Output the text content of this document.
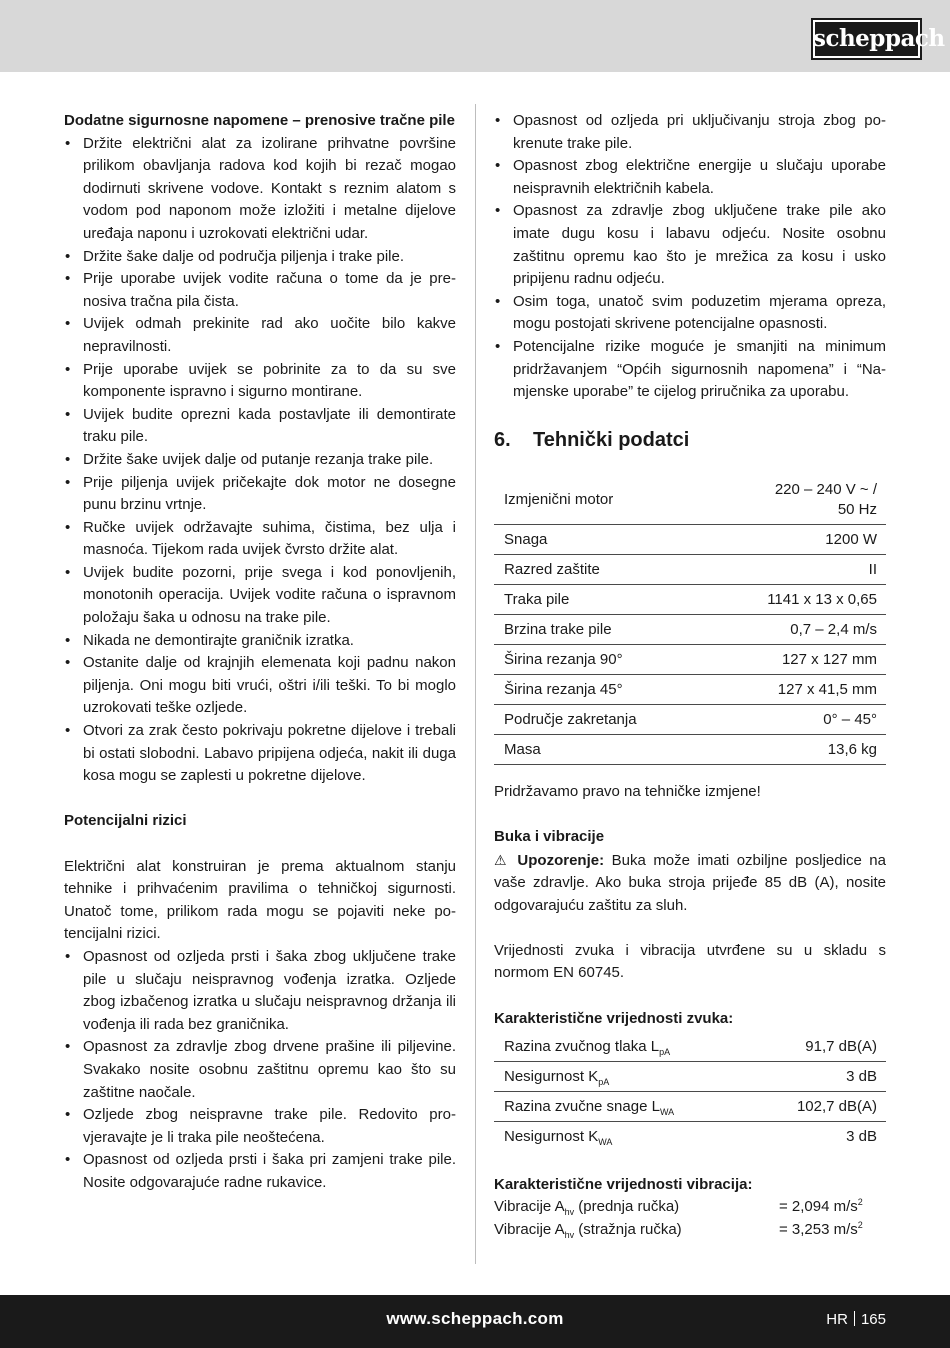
scheppach

Dodatne sigurnosne napomene – prenosive tračne pile

• Držite električni alat za izolirane prihvatne površine prilikom obavljanja radova kod kojih bi rezač mogao dodirnuti skrivene vodove. Kontakt s reznim alatom s vodom pod naponom može izložiti i metalne dijelove uređaja naponu i uzrokovati električni udar.
• Držite šake dalje od područja piljenja i trake pile.
• Prije uporabe uvijek vodite računa o tome da je prenosiva tračna pila čista.
• Uvijek odmah prekinite rad ako uočite bilo kakve nepravilnosti.
• Prije uporabe uvijek se pobrinite za to da su sve komponente ispravno i sigurno montirane.
• Uvijek budite oprezni kada postavljate ili demontirate traku pile.
• Držite šake uvijek dalje od putanje rezanja trake pile.
• Prije piljenja uvijek pričekajte dok motor ne dosegne punu brzinu vrtnje.
• Ručke uvijek održavajte suhima, čistima, bez ulja i masnoća. Tijekom rada uvijek čvrsto držite alat.
• Uvijek budite pozorni, prije svega i kod ponovljenih, monotonih operacija. Uvijek vodite računa o ispravnom položaju šaka u odnosu na trake pile.
• Nikada ne demontirajte graničnik izratka.
• Ostanite dalje od krajnjih elemenata koji padnu nakon piljenja. Oni mogu biti vrući, oštri i/ili teški. To bi moglo uzrokovati teške ozljede.
• Otvori za zrak često pokrivaju pokretne dijelove i trebali bi ostati slobodni. Labavo pripijena odjeća, nakit ili duga kosa mogu se zaplesti u pokretne dijelove.

Potencijalni rizici

Električni alat konstruiran je prema aktualnom stanju tehnike i prihvaćenim pravilima o tehničkoj sigurnosti. Unatoč tome, prilikom rada mogu se pojaviti neke potencijalni rizici.

• Opasnost od ozljeda prsti i šaka zbog uključene trake pile u slučaju neispravnog vođenja izratka. Ozljede zbog izbačenog izratka u slučaju neispravnog držanja ili vođenja ili rada bez graničnika.
• Opasnost za zdravlje zbog drvene prašine ili piljevine. Svakako nosite osobnu zaštitnu opremu kao što su zaštitne naočale.
• Ozljede zbog neispravne trake pile. Redovito provjeravajte je li traka pile neoštećena.
• Opasnost od ozljeda prsti i šaka pri zamjeni trake pile. Nosite odgovarajuće radne rukavice.
• Opasnost od ozljeda pri uključivanju stroja zbog pokrenute trake pile.
• Opasnost zbog električne energije u slučaju uporabe neispravnih električnih kabela.
• Opasnost za zdravlje zbog uključene trake pile ako imate dugu kosu i labavu odjeću. Nosite osobnu zaštitnu opremu kao što je mrežica za kosu i usko pripijenu radnu odjeću.
• Osim toga, unatoč svim poduzetim mjerama opreza, mogu postojati skrivene potencijalne opasnosti.
• Potencijalne rizike moguće je smanjiti na minimum pridržavanjem “Općih sigurnosnih napomena” i “Namjenske uporabe” te cijelog priručnika za uporabu.
6. Tehnički podatci
Izmjenični motor	220 – 240 V ~ / 50 Hz
Snaga	1200 W
Razred zaštite	II
Traka pile	1141 x 13 x 0,65
Brzina trake pile	0,7 – 2,4 m/s
Širina rezanja 90°	127 x 127 mm
Širina rezanja 45°	127 x 41,5 mm
Područje zakretanja	0° – 45°
Masa	13,6 kg

Pridržavamo pravo na tehničke izmjene!

Buka i vibracije

⚠ Upozorenje: Buka može imati ozbiljne posljedice na vaše zdravlje. Ako buka stroja prijeđe 85 dB (A), nosite odgovarajuću zaštitu za sluh.

Vrijednosti zvuka i vibracija utvrđene su u skladu s normom EN 60745.

Karakteristične vrijednosti zvuka:

Razina zvučnog tlaka $L_{pA}$	91,7 dB(A)
Nesigurnost $K_{pA}$	3 dB
Razina zvučne snage $L_{WA}$	102,7 dB(A)
Nesigurnost $K_{WA}$	3 dB

Karakteristične vrijednosti vibracija:

Vibracije $A_{hv}$ (prednja ručka)	= 2,094 $m/s^2$
Vibracije $A_{hv}$ (stražnja ručka)	= 3,253 $m/s^2$
www.scheppach.com	HR 165
